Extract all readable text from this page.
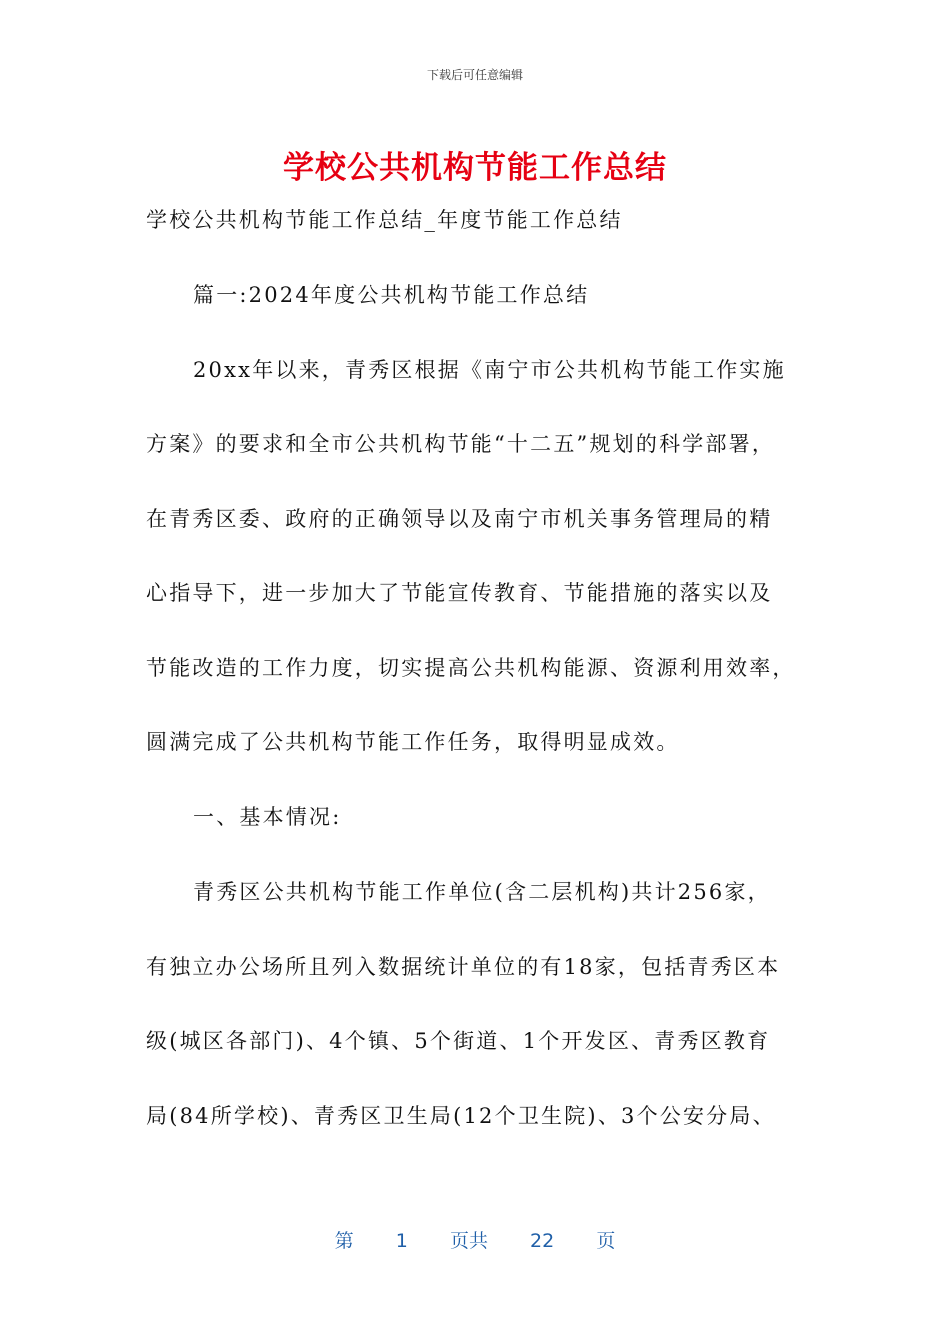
下载后可任意编辑
学校公共机构节能工作总结
学校公共机构节能工作总结_年度节能工作总结
篇一:2024年度公共机构节能工作总结
20xx年以来，青秀区根据《南宁市公共机构节能工作实施
方案》的要求和全市公共机构节能“十二五”规划的科学部署，
在青秀区委、政府的正确领导以及南宁市机关事务管理局的精
心指导下，进一步加大了节能宣传教育、节能措施的落实以及
节能改造的工作力度，切实提高公共机构能源、资源利用效率，
圆满完成了公共机构节能工作任务，取得明显成效。
一、基本情况:
青秀区公共机构节能工作单位(含二层机构)共计256家，
有独立办公场所且列入数据统计单位的有18家，包括青秀区本
级(城区各部门)、4个镇、5个街道、1个开发区、青秀区教育
局(84所学校)、青秀区卫生局(12个卫生院)、3个公安分局、
第 1 页共 22 页
